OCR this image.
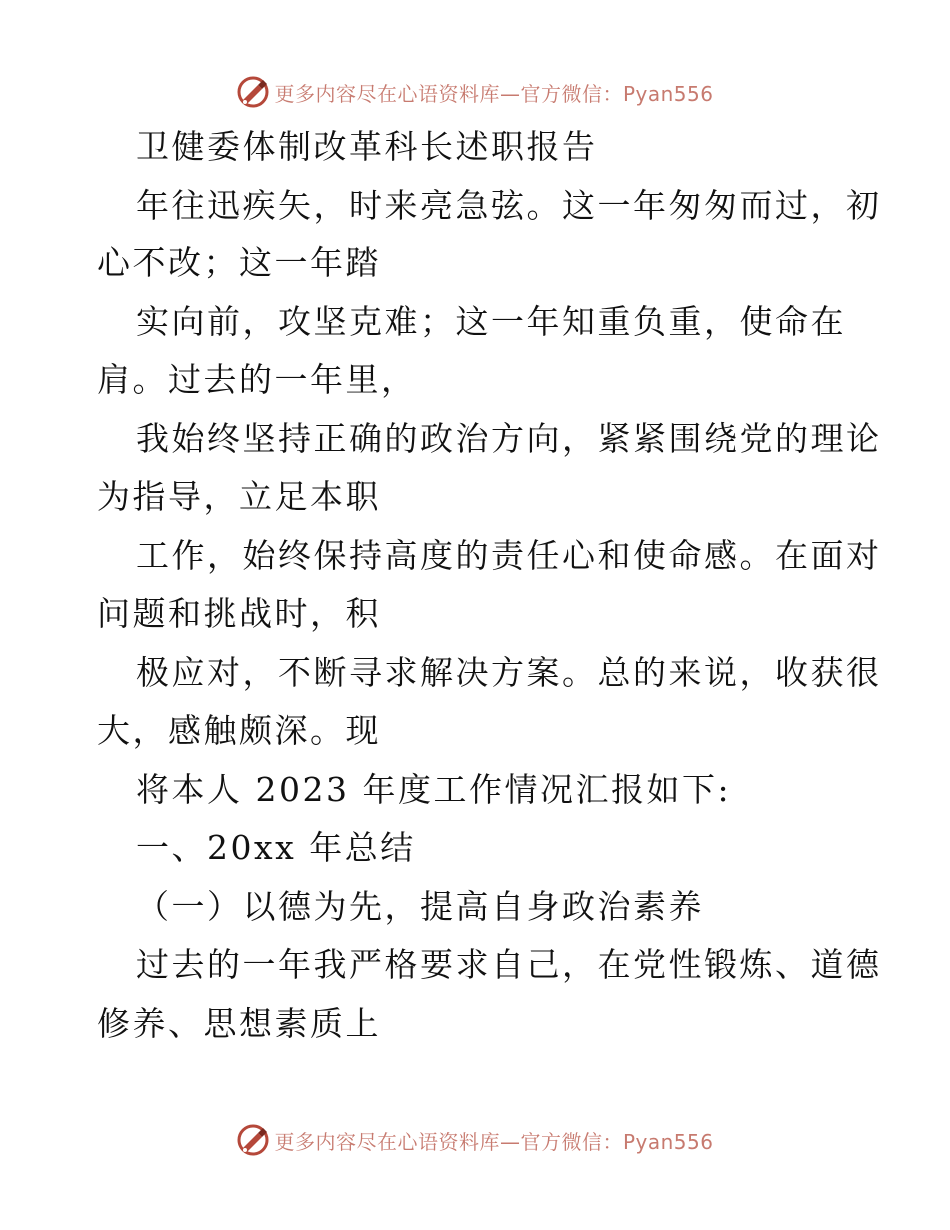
更多内容尽在心语资料库—官方微信：Pyan556
卫健委体制改革科长述职报告
年往迅疾矢，时来亮急弦。这一年匆匆而过，初
心不改；这一年踏
实向前，攻坚克难；这一年知重负重，使命在
肩。过去的一年里，
我始终坚持正确的政治方向，紧紧围绕党的理论
为指导，立足本职
工作，始终保持高度的责任心和使命感。在面对
问题和挑战时，积
极应对，不断寻求解决方案。总的来说，收获很
大，感触颇深。现
将本人 2023 年度工作情况汇报如下:
一、20xx 年总结
（一）以德为先，提高自身政治素养
过去的一年我严格要求自己，在党性锻炼、道德
修养、思想素质上
更多内容尽在心语资料库—官方微信：Pyan556
